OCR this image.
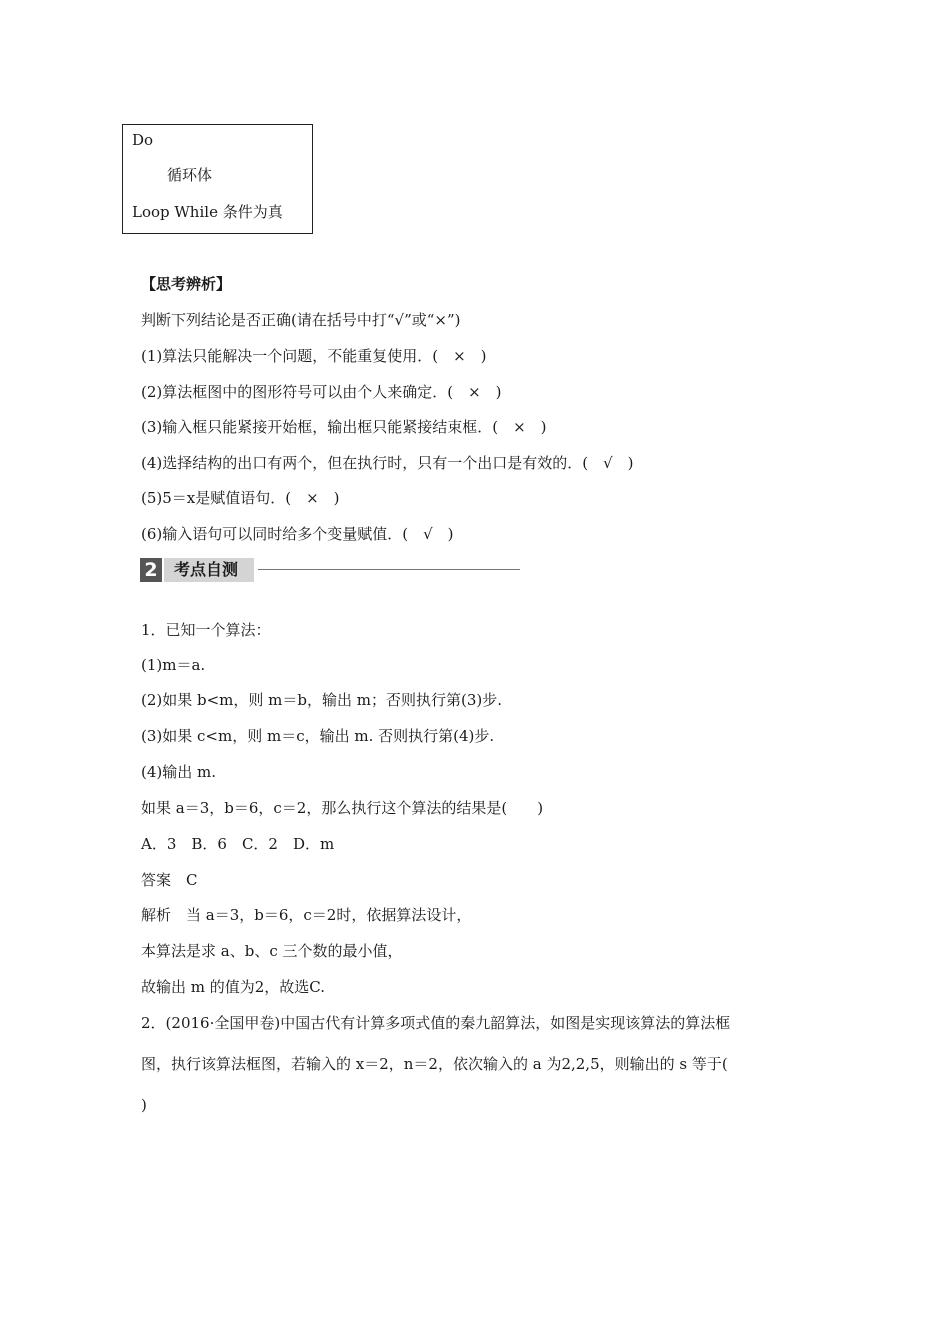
Do
循环体
Loop While 条件为真
【思考辨析】
判断下列结论是否正确(请在括号中打“√”或“×”)
(1)算法只能解决一个问题，不能重复使用．(　×　)
(2)算法框图中的图形符号可以由个人来确定．(　×　)
(3)输入框只能紧接开始框，输出框只能紧接结束框．(　×　)
(4)选择结构的出口有两个，但在执行时，只有一个出口是有效的．(　√　)
(5)5＝x是赋值语句．(　×　)
(6)输入语句可以同时给多个变量赋值．(　√　)
2	考点自测
1．已知一个算法：
(1)m＝a.
(2)如果 b<m，则 m＝b，输出 m；否则执行第(3)步.
(3)如果 c<m，则 m＝c，输出 m. 否则执行第(4)步.
(4)输出 m.
如果 a＝3，b＝6，c＝2，那么执行这个算法的结果是(　　)
A．3　B．6　C．2　D．m
答案　C
解析　当 a＝3，b＝6，c＝2时，依据算法设计，
本算法是求 a、b、c 三个数的最小值，
故输出 m 的值为2，故选C.
2．(2016·全国甲卷)中国古代有计算多项式值的秦九韶算法，如图是实现该算法的算法框
图，执行该算法框图，若输入的 x＝2，n＝2，依次输入的 a 为2,2,5，则输出的 s 等于(
)
